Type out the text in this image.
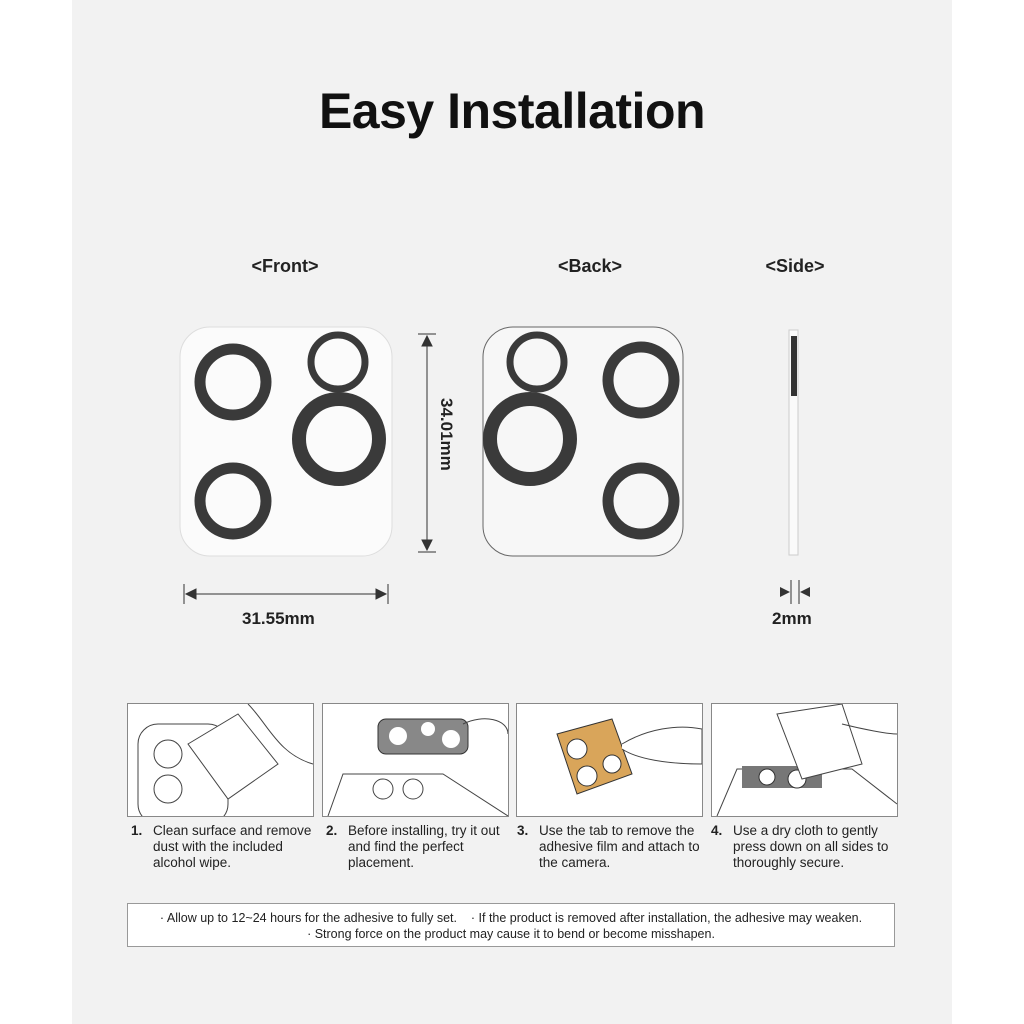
Easy Installation
<Front>	<Back>	<Side>
34.01mm
31.55mm	2mm
1. Clean surface and remove dust with the included alcohol wipe.
2. Before installing, try it out and find the perfect placement.
3. Use the tab to remove the adhesive film and attach to the camera.
4. Use a dry cloth to gently press down on all sides to thoroughly secure.
· Allow up to 12~24 hours for the adhesive to fully set. · If the product is removed after installation, the adhesive may weaken.
· Strong force on the product may cause it to bend or become misshapen.
